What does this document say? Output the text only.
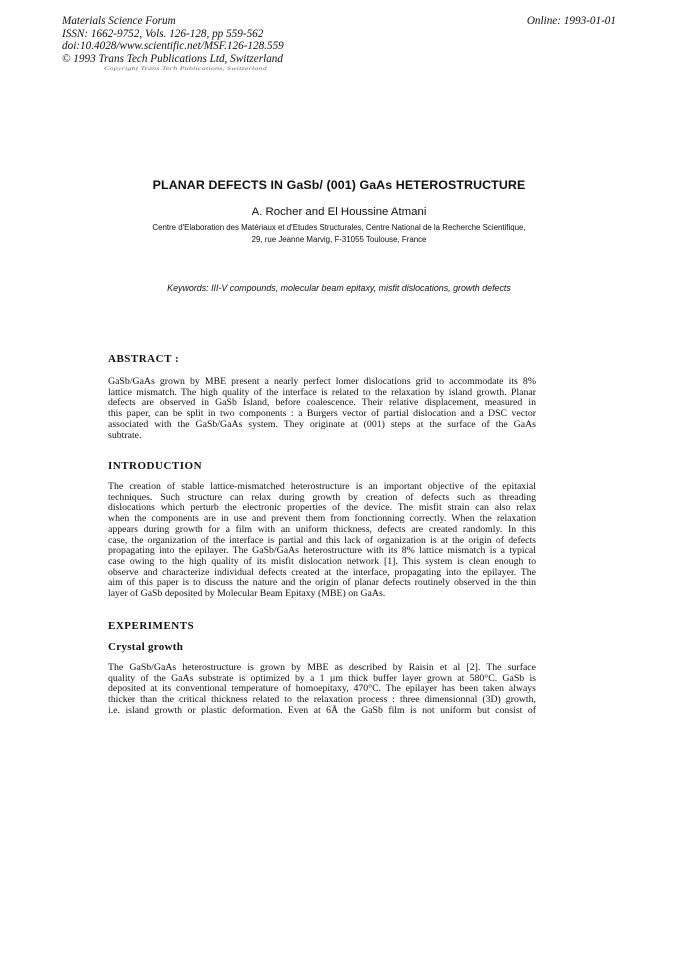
Materials Science Forum
ISSN: 1662-9752, Vols. 126-128, pp 559-562
doi:10.4028/www.scientific.net/MSF.126-128.559
© 1993 Trans Tech Publications Ltd, Switzerland
Online: 1993-01-01
Copyright Trans Tech Publications, Switzerland
PLANAR DEFECTS IN GaSb/ (001) GaAs HETEROSTRUCTURE
A. Rocher and El Houssine Atmani
Centre d'Elaboration des Matériaux et d'Etudes Structurales, Centre National de la Recherche Scientifique,
29, rue Jeanne Marvig, F-31055 Toulouse, France
Keywords: III-V compounds, molecular beam epitaxy, misfit dislocations, growth defects
ABSTRACT :
GaSb/GaAs grown by MBE present a nearly perfect lomer dislocations grid to accommodate its 8%
lattice mismatch. The high quality of the interface is related to the relaxation by island growth. Planar
defects are observed in GaSb Island, before coalescence. Their relative displacement, measured in
this paper, can be split in two components : a Burgers vector of partial dislocation and a DSC vector
associated with the GaSb/GaAs system. They originate at (001) steps at the surface of the GaAs
subtrate.
INTRODUCTION
The creation of stable lattice-mismatched heterostructure is an important objective of the epitaxial
techniques. Such structure can relax during growth by creation of defects such as threading
dislocations which perturb the electronic properties of the device. The misfit strain can also relax
when the components are in use and prevent them from fonctionning correctly. When the relaxation
appears during growth for a film with an uniform thickness, defects are created randomly. In this
case, the organization of the interface is partial and this lack of organization is at the origin of defects
propagating into the epilayer. The GaSb/GaAs heterostructure with its 8% lattice mismatch is a typical
case owing to the high quality of its misfit dislocation network [1]. This system is clean enough to
observe and characterize individual defects created at the interface, propagating into the epilayer. The
aim of this paper is to discuss the nature and the origin of planar defects routinely observed in the thin
layer of GaSb deposited by Molecular Beam Epitaxy (MBE) on GaAs.
EXPERIMENTS
Crystal growth
The GaSb/GaAs heterostructure is grown by MBE as described by Raisin et al [2]. The surface
quality of the GaAs substrate is optimized by a 1 µm thick buffer layer grown at 580°C. GaSb is
deposited at its conventional temperature of homoepitaxy, 470°C. The epilayer has been taken always
thicker than the critical thickness related to the relaxation process : three dimensionnal (3D) growth,
i.e. island growth or plastic deformation. Even at 6Å the GaSb film is not uniform but consist of
